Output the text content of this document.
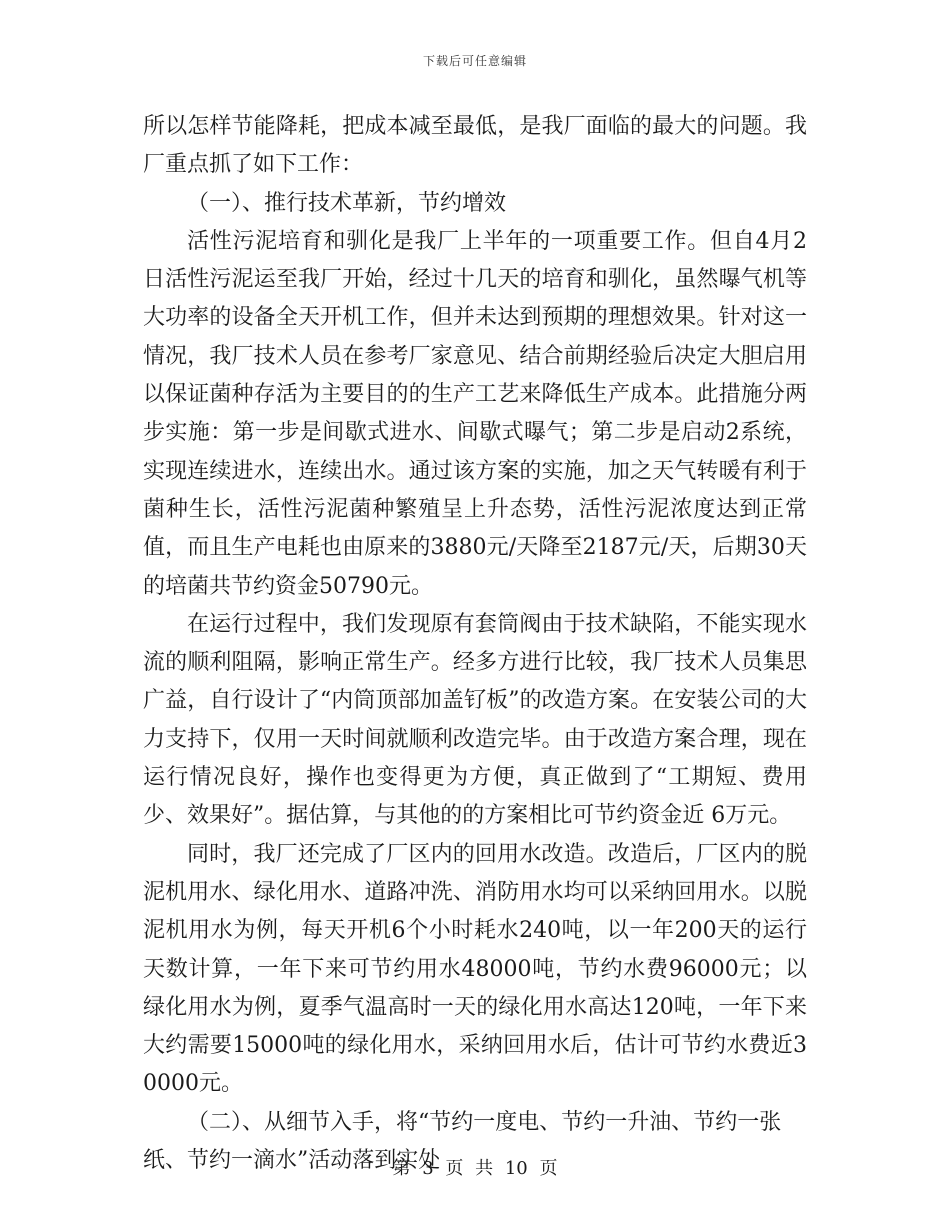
下载后可任意编辑

所以怎样节能降耗，把成本减至最低，是我厂面临的最大的问题。我厂重点抓了如下工作：

（一）、推行技术革新，节约增效

活性污泥培育和驯化是我厂上半年的一项重要工作。但自4月2日活性污泥运至我厂开始，经过十几天的培育和驯化，虽然曝气机等大功率的设备全天开机工作，但并未达到预期的理想效果。针对这一情况，我厂技术人员在参考厂家意见、结合前期经验后决定大胆启用以保证菌种存活为主要目的的生产工艺来降低生产成本。此措施分两步实施：第一步是间歇式进水、间歇式曝气；第二步是启动2系统，实现连续进水，连续出水。通过该方案的实施，加之天气转暖有利于菌种生长，活性污泥菌种繁殖呈上升态势，活性污泥浓度达到正常值，而且生产电耗也由原来的3880元/天降至2187元/天，后期30天的培菌共节约资金50790元。

在运行过程中，我们发现原有套筒阀由于技术缺陷，不能实现水流的顺利阻隔，影响正常生产。经多方进行比较，我厂技术人员集思广益，自行设计了“内筒顶部加盖钌板”的改造方案。在安装公司的大力支持下，仅用一天时间就顺利改造完毕。由于改造方案合理，现在运行情况良好，操作也变得更为方便，真正做到了“工期短、费用少、效果好”。据估算，与其他的的方案相比可节约资金近 6万元。

同时，我厂还完成了厂区内的回用水改造。改造后，厂区内的脱泥机用水、绿化用水、道路冲洗、消防用水均可以采纳回用水。以脱泥机用水为例，每天开机6个小时耗水240吨，以一年200天的运行天数计算，一年下来可节约用水48000吨，节约水费96000元；以绿化用水为例，夏季气温高时一天的绿化用水高达120吨，一年下来大约需要15000吨的绿化用水，采纳回用水后，估计可节约水费近30000元。

（二）、从细节入手，将“节约一度电、节约一升油、节约一张纸、节约一滴水”活动落到实处

第 3 页 共 10 页
